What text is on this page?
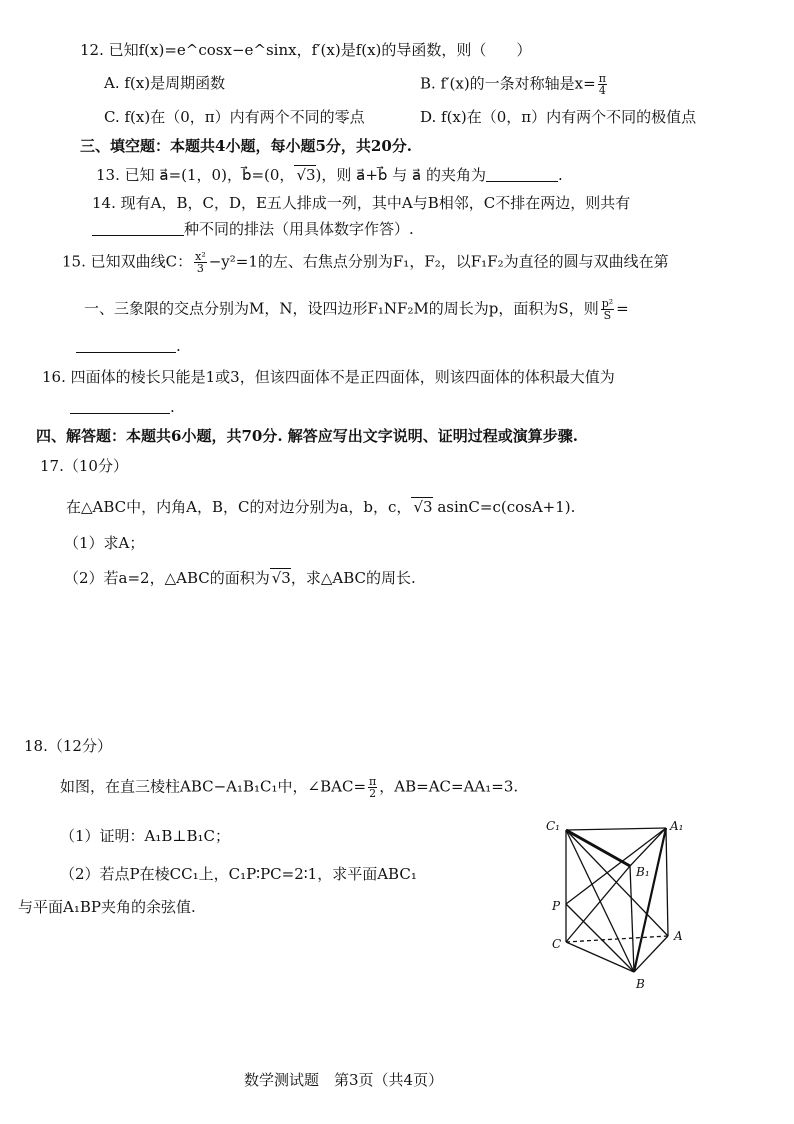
12. 已知f(x)=e^cosx−e^sinx，f′(x)是f(x)的导函数，则（　　）
A. f(x)是周期函数	B. f′(x)的一条对称轴是$x= \frac{\pi}{4}$
C. f(x)在（0，π）内有两个不同的零点	D. f(x)在（0，π）内有两个不同的极值点
三、填空题：本题共4小题，每小题5分，共20分.
13. 已知 a⃗=(1，0)，b⃗=(0， √3)，则 a⃗+b⃗ 与 a⃗ 的夹角为	.
14. 现有A，B，C，D，E五人排成一列，其中A与B相邻，C不排在两边，则共有
种不同的排法（用具体数字作答）.
15. 已知双曲线C： $\frac{\text{x²}}{3} -y^2=1$的左、右焦点分别为F₁，F₂，以F₁F₂为直径的圆与双曲线在第
一、三象限的交点分别为M，N，设四边形F₁NF₂M的周长为p，面积为S，则 $\frac{\text{p²}}{S}$ =
.
16. 四面体的棱长只能是1或3，但该四面体不是正四面体，则该四面体的体积最大值为
.
四、解答题：本题共6小题，共70分. 解答应写出文字说明、证明过程或演算步骤.
17.（10分）
在△ABC中，内角A，B，C的对边分别为a，b，c， √3 asinC=c(cosA+1).
（1）求A；
（2）若a=2，△ABC的面积为 √3，求△ABC的周长.
18.（12分）
如图，在直三棱柱ABC−A₁B₁C₁中，∠BAC= $\frac{\pi}{2}$ ，AB=AC=AA₁=3.
（1）证明：A₁B⊥B₁C；
（2）若点P在棱CC₁上，C₁P∶PC=2∶1，求平面ABC₁
与平面A₁BP夹角的余弦值.
C₁	A₁
B₁
P
C
A
B
数学测试题　第3页（共4页）
